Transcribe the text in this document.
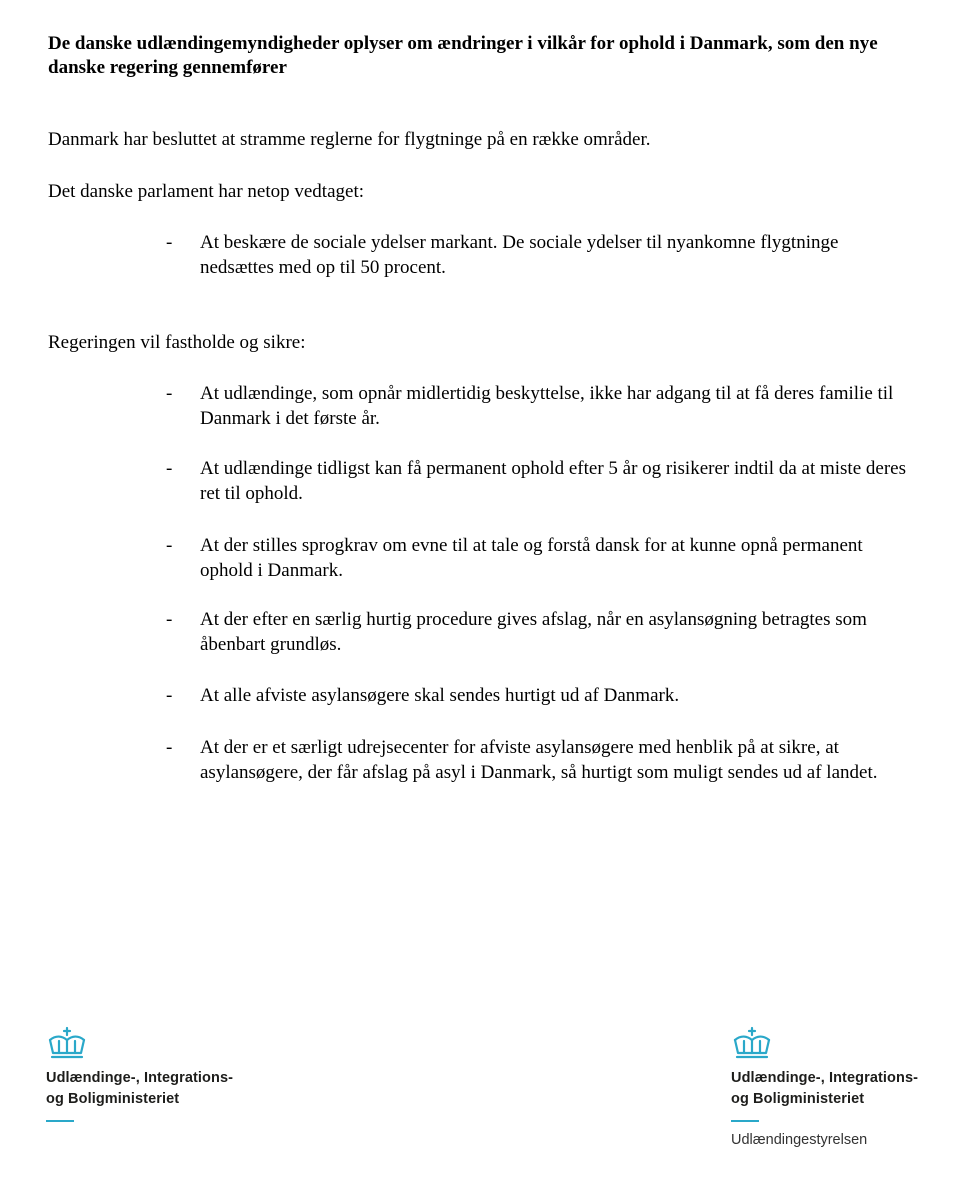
De danske udlændingemyndigheder oplyser om ændringer i vilkår for ophold i Danmark, som den nye danske regering gennemfører

Danmark har besluttet at stramme reglerne for flygtninge på en række områder.

Det danske parlament har netop vedtaget:

- At beskære de sociale ydelser markant. De sociale ydelser til nyankomne flygtninge nedsættes med op til 50 procent.

Regeringen vil fastholde og sikre:

- At udlændinge, som opnår midlertidig beskyttelse, ikke har adgang til at få deres familie til Danmark i det første år.
- At udlændinge tidligst kan få permanent ophold efter 5 år og risikerer indtil da at miste deres ret til ophold.
- At der stilles sprogkrav om evne til at tale og forstå dansk for at kunne opnå permanent ophold i Danmark.
- At der efter en særlig hurtig procedure gives afslag, når en asylansøgning betragtes som åbenbart grundløs.
- At alle afviste asylansøgere skal sendes hurtigt ud af Danmark.
- At der er et særligt udrejsecenter for afviste asylansøgere med henblik på at sikre, at asylansøgere, der får afslag på asyl i Danmark, så hurtigt som muligt sendes ud af landet.
Udlændinge-, Integrations-
og Boligministeriet
Udlændinge-, Integrations-
og Boligministeriet
Udlændingestyrelsen
